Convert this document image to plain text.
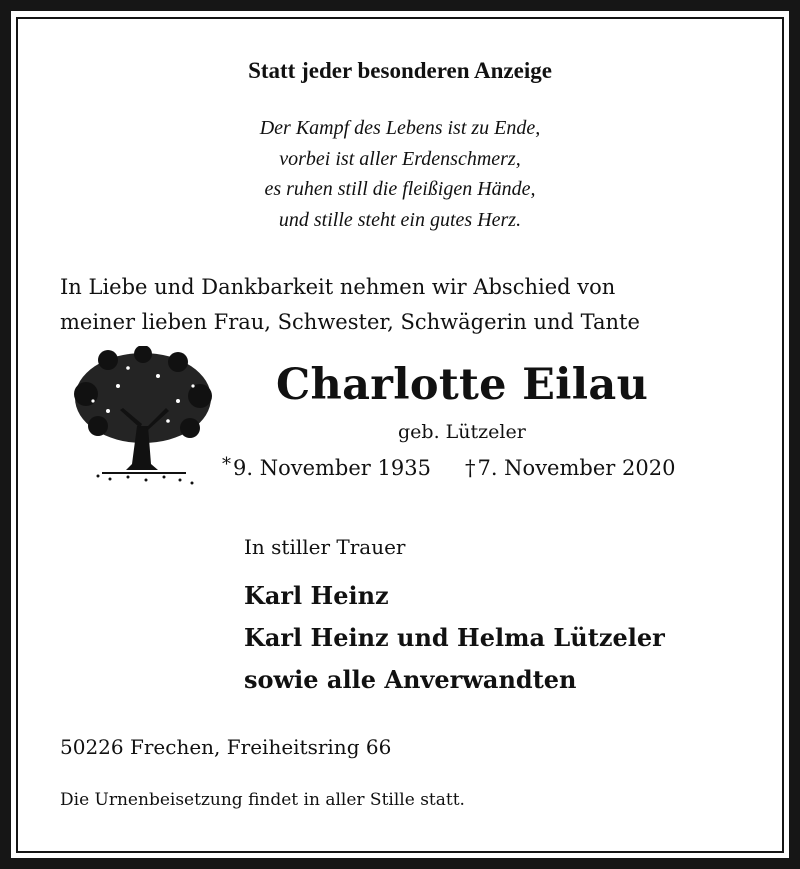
Statt jeder besonderen Anzeige
Der Kampf des Lebens ist zu Ende,
vorbei ist aller Erdenschmerz,
es ruhen still die fleißigen Hände,
und stille steht ein gutes Herz.
In Liebe und Dankbarkeit nehmen wir Abschied von
meiner lieben Frau, Schwester, Schwägerin und Tante
Charlotte Eilau
geb. Lützeler
*9. November 1935 †7. November 2020
In stiller Trauer
Karl Heinz
Karl Heinz und Helma Lützeler
sowie alle Anverwandten
50226 Frechen, Freiheitsring 66
Die Urnenbeisetzung findet in aller Stille statt.
